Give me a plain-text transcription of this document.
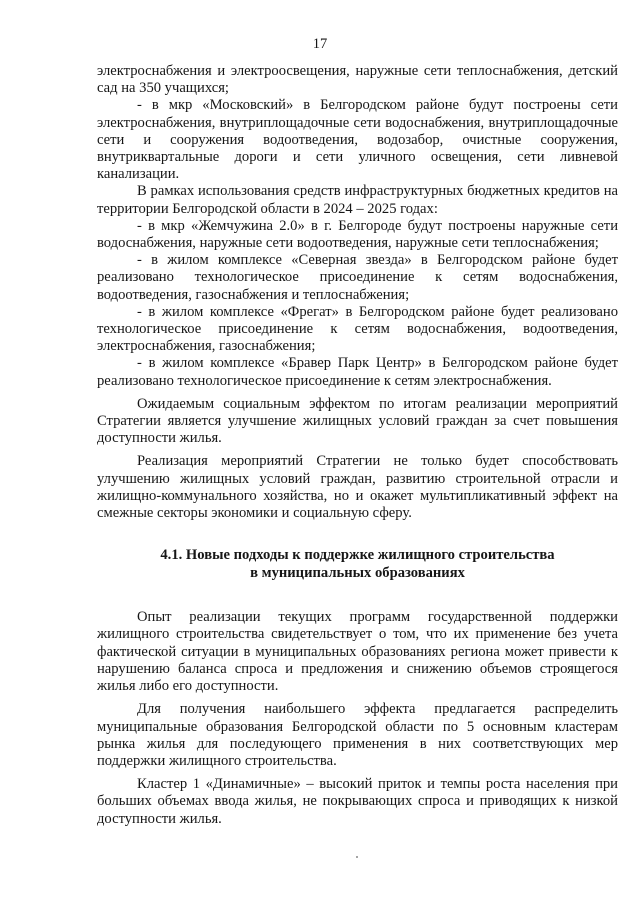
17

электроснабжения и электроосвещения, наружные сети теплоснабжения, детский сад на 350 учащихся;

- в мкр «Московский» в Белгородском районе будут построены сети электроснабжения, внутриплощадочные сети водоснабжения, внутриплощадочные сети и сооружения водоотведения, водозабор, очистные сооружения, внутриквартальные дороги и сети уличного освещения, сети ливневой канализации.

В рамках использования средств инфраструктурных бюджетных кредитов на территории Белгородской области в 2024 – 2025 годах:

- в мкр «Жемчужина 2.0» в г. Белгороде будут построены наружные сети водоснабжения, наружные сети водоотведения, наружные сети теплоснабжения;

- в жилом комплексе «Северная звезда» в Белгородском районе будет реализовано технологическое присоединение к сетям водоснабжения, водоотведения, газоснабжения и теплоснабжения;

- в жилом комплексе «Фрегат» в Белгородском районе будет реализовано технологическое присоединение к сетям водоснабжения, водоотведения, электроснабжения, газоснабжения;

- в жилом комплексе «Бравер Парк Центр» в Белгородском районе будет реализовано технологическое присоединение к сетям электроснабжения.

Ожидаемым социальным эффектом по итогам реализации мероприятий Стратегии является улучшение жилищных условий граждан за счет повышения доступности жилья.

Реализация мероприятий Стратегии не только будет способствовать улучшению жилищных условий граждан, развитию строительной отрасли и жилищно-коммунального хозяйства, но и окажет мультипликативный эффект на смежные секторы экономики и социальную сферу.

4.1. Новые подходы к поддержке жилищного строительства
в муниципальных образованиях

Опыт реализации текущих программ государственной поддержки жилищного строительства свидетельствует о том, что их применение без учета фактической ситуации в муниципальных образованиях региона может привести к нарушению баланса спроса и предложения и снижению объемов строящегося жилья либо его доступности.

Для получения наибольшего эффекта предлагается распределить муниципальные образования Белгородской области по 5 основным кластерам рынка жилья для последующего применения в них соответствующих мер поддержки жилищного строительства.

Кластер 1 «Динамичные» – высокий приток и темпы роста населения при больших объемах ввода жилья, не покрывающих спроса и приводящих к низкой доступности жилья.
